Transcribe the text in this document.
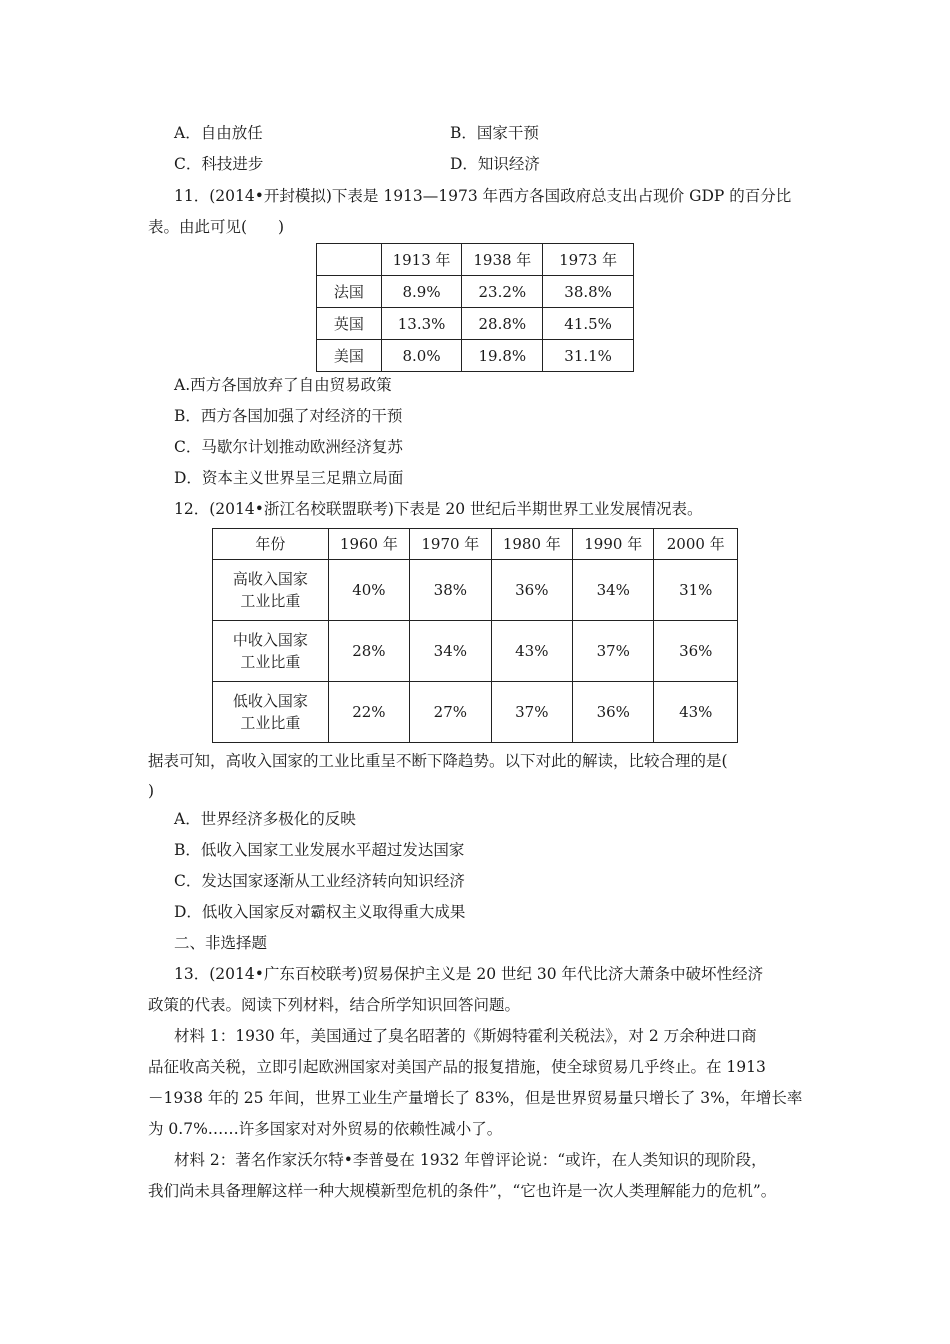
A．自由放任	B．国家干预
C．科技进步	D．知识经济
11．(2014•开封模拟)下表是 1913—1973 年西方各国政府总支出占现价 GDP 的百分比
表。由此可见(　　)
	1913 年	1938 年	1973 年
法国	8.9%	23.2%	38.8%
英国	13.3%	28.8%	41.5%
美国	8.0%	19.8%	31.1%
A.西方各国放弃了自由贸易政策
B．西方各国加强了对经济的干预
C．马歇尔计划推动欧洲经济复苏
D．资本主义世界呈三足鼎立局面
12．(2014•浙江名校联盟联考)下表是 20 世纪后半期世界工业发展情况表。
年份	1960 年	1970 年	1980 年	1990 年	2000 年

高收入国家
工业比重	40%	38%	36%	34%	31%

中收入国家
工业比重	28%	34%	43%	37%	36%

低收入国家
工业比重	22%	27%	37%	36%	43%
据表可知，高收入国家的工业比重呈不断下降趋势。以下对此的解读，比较合理的是(
)
A．世界经济多极化的反映
B．低收入国家工业发展水平超过发达国家
C．发达国家逐渐从工业经济转向知识经济
D．低收入国家反对霸权主义取得重大成果
二、非选择题
13．(2014•广东百校联考)贸易保护主义是 20 世纪 30 年代比济大萧条中破坏性经济
政策的代表。阅读下列材料，结合所学知识回答问题。
材料 1：1930 年，美国通过了臭名昭著的《斯姆特霍利关税法》，对 2 万余种进口商
品征收高关税，立即引起欧洲国家对美国产品的报复措施，使全球贸易几乎终止。在 1913
－1938 年的 25 年间，世界工业生产量增长了 83%，但是世界贸易量只增长了 3%，年增长率
为 0.7%……许多国家对对外贸易的依赖性减小了。
材料 2：著名作家沃尔特•李普曼在 1932 年曾评论说：“或许，在人类知识的现阶段，
我们尚未具备理解这样一种大规模新型危机的条件”，“它也许是一次人类理解能力的危机”。
